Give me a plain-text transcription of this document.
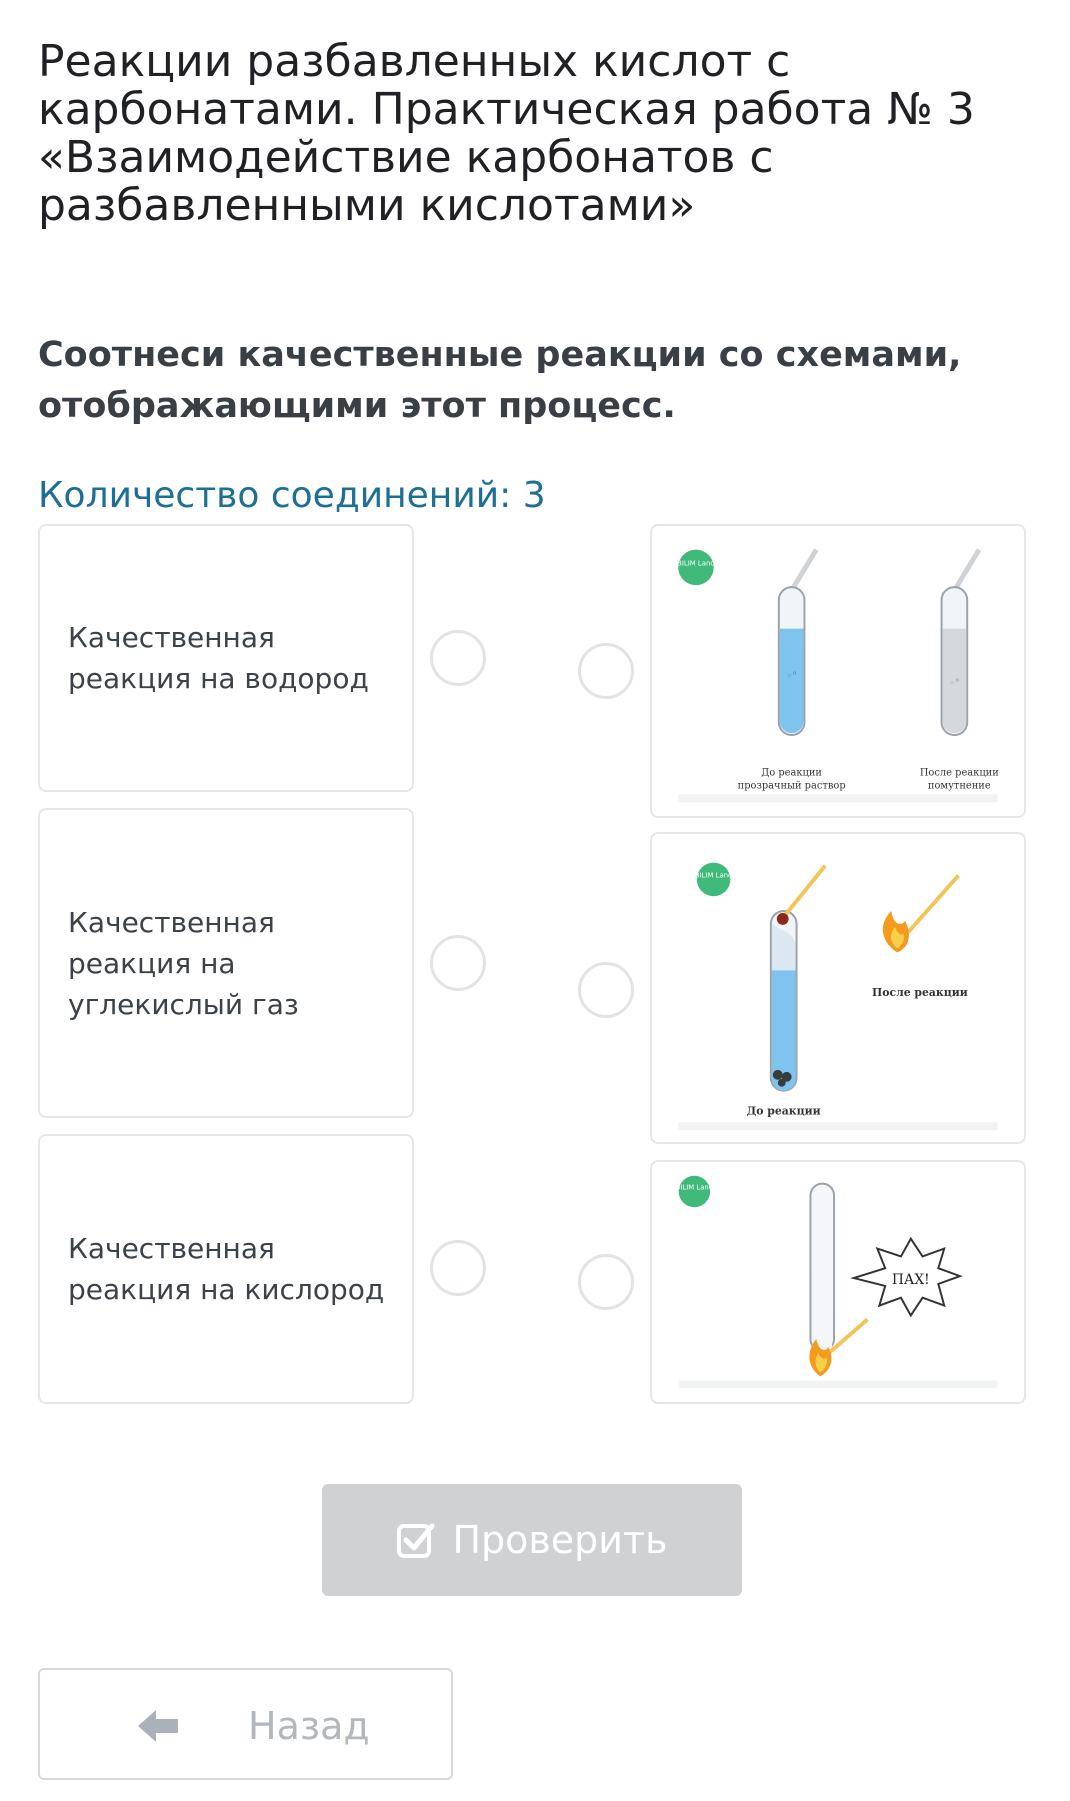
Реакции разбавленных кислот с карбонатами. Практическая работа № 3 «Взаимодействие карбонатов с разбавленными кислотами»

Соотнеси качественные реакции со схемами, отображающими этот процесс.

Количество соединений: 3
Качественная реакция на водород
Качественная реакция на углекислый газ
Качественная реакция на кислород
BILIM Land
◦°
◦°
До реакции
прозрачный раствор
После реакции
помутнение
BILIM Land
После реакции
До реакции
BILIM Land
ПАХ!
Проверить
Назад
